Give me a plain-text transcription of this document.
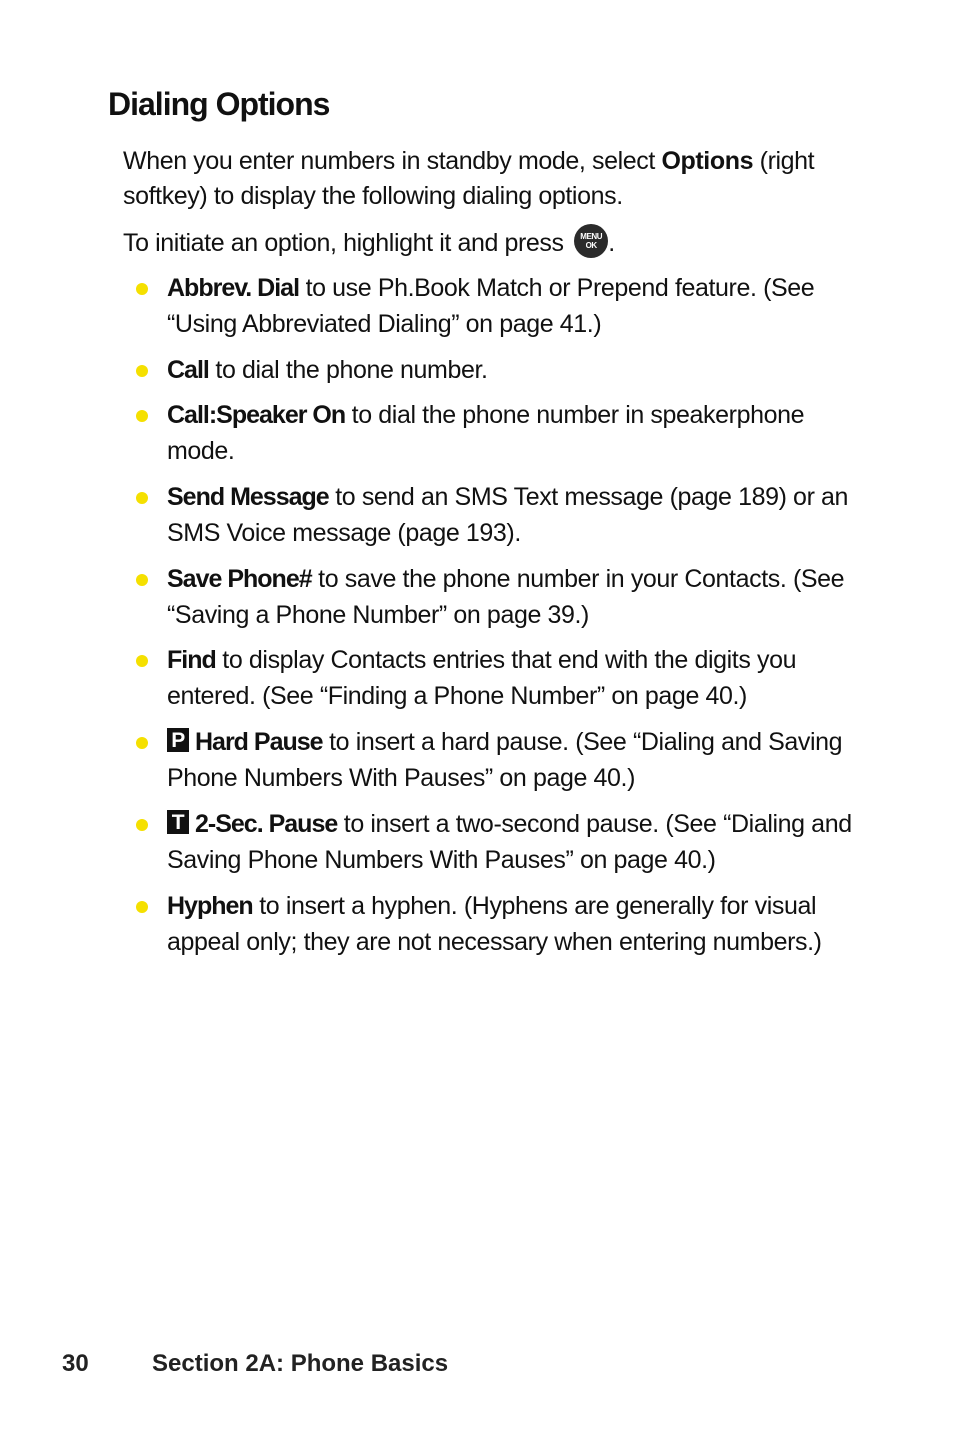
Dialing Options

When you enter numbers in standby mode, select Options (right softkey) to display the following dialing options.

To initiate an option, highlight it and press MENU
OK .

Abbrev. Dial to use Ph.Book Match or Prepend feature. (See “Using Abbreviated Dialing” on page 41.)
Call to dial the phone number.
Call:Speaker On to dial the phone number in speakerphone mode.
Send Message to send an SMS Text message (page 189) or an SMS Voice message (page 193).
Save Phone# to save the phone number in your Contacts. (See “Saving a Phone Number” on page 39.)
Find to display Contacts entries that end with the digits you entered. (See “Finding a Phone Number” on page 40.)
P Hard Pause to insert a hard pause. (See “Dialing and Saving Phone Numbers With Pauses” on page 40.)
T 2-Sec. Pause to insert a two-second pause. (See “Dialing and Saving Phone Numbers With Pauses” on page 40.)
Hyphen to insert a hyphen. (Hyphens are generally for visual appeal only; they are not necessary when entering numbers.)
30	Section 2A: Phone Basics
